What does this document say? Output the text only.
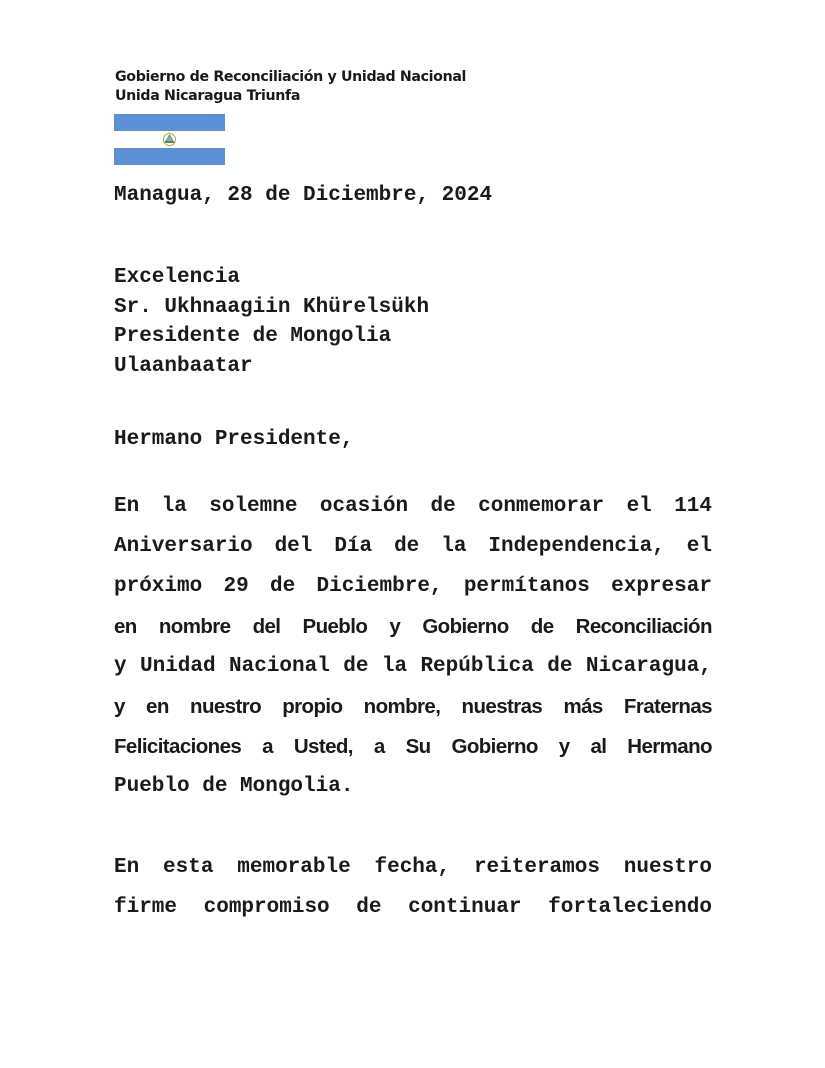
Gobierno de Reconciliación y Unidad Nacional
Unida Nicaragua Triunfa
Managua, 28 de Diciembre, 2024
Excelencia
Sr. Ukhnaagiin Khürelsükh
Presidente de Mongolia
Ulaanbaatar
Hermano Presidente,
En la solemne ocasión de conmemorar el 114
Aniversario del Día de la Independencia, el
próximo 29 de Diciembre, permítanos expresar
en nombre del Pueblo y Gobierno de Reconciliación
y Unidad Nacional de la República de Nicaragua,
y en nuestro propio nombre, nuestras más Fraternas
Felicitaciones a Usted, a Su Gobierno y al Hermano
Pueblo de Mongolia.
En esta memorable fecha, reiteramos nuestro
firme compromiso de continuar fortaleciendo
